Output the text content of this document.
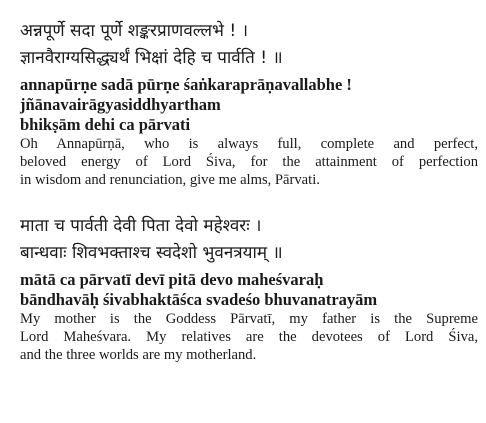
अन्नपूर्णे सदा पूर्णे शङ्करप्राणवल्लभे ! ।

ज्ञानवैराग्यसिद्ध्यर्थं भिक्षां देहि च पार्वति ! ॥

annapūrṇe sadā pūrṇe śaṅkaraprāṇavallabhe !

jñānavairāgyasiddhyartham

bhikṣām dehi ca pārvati

Oh Annapūrṇā, who is always full, complete and perfect,
beloved energy of Lord Śiva, for the attainment of perfection
in wisdom and renunciation, give me alms, Pārvati.

माता च पार्वती देवी पिता देवो महेश्वरः ।

बान्धवाः शिवभक्ताश्च स्वदेशो भुवनत्रयाम् ॥

mātā ca pārvatī devī pitā devo maheśvaraḥ

bāndhavāḥ śivabhaktāśca svadeśo bhuvanatrayām

My mother is the Goddess Pārvatī, my father is the Supreme
Lord Maheśvara. My relatives are the devotees of Lord Śiva,
and the three worlds are my motherland.
